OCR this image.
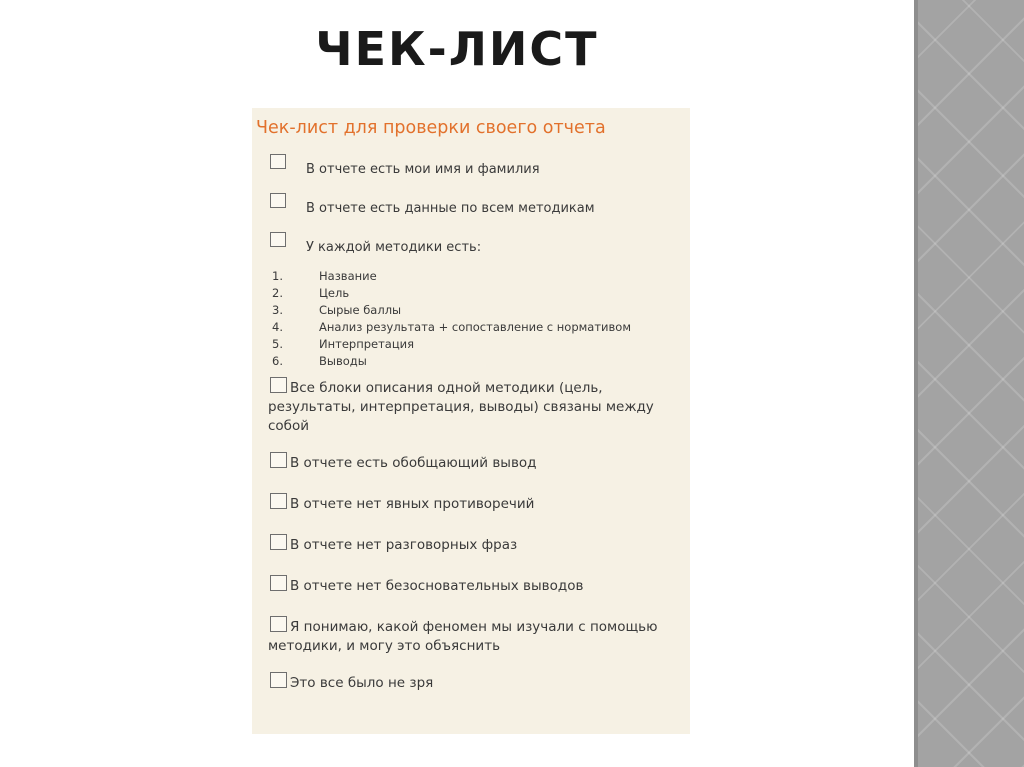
ЧЕК-ЛИСТ
Чек-лист для проверки своего отчета
В отчете есть мои имя и фамилия
В отчете есть данные по всем методикам
У каждой методики есть:
1.	Название
2.	Цель
3.	Сырые баллы
4.	Анализ результата + сопоставление с нормативом
5.	Интерпретация
6.	Выводы
Все блоки описания одной методики (цель,
результаты, интерпретация, выводы) связаны между собой
В отчете есть обобщающий вывод
В отчете нет явных противоречий
В отчете нет разговорных фраз
В отчете нет безосновательных выводов
Я понимаю, какой феномен мы изучали с помощью
методики, и могу это объяснить
Это все было не зря
